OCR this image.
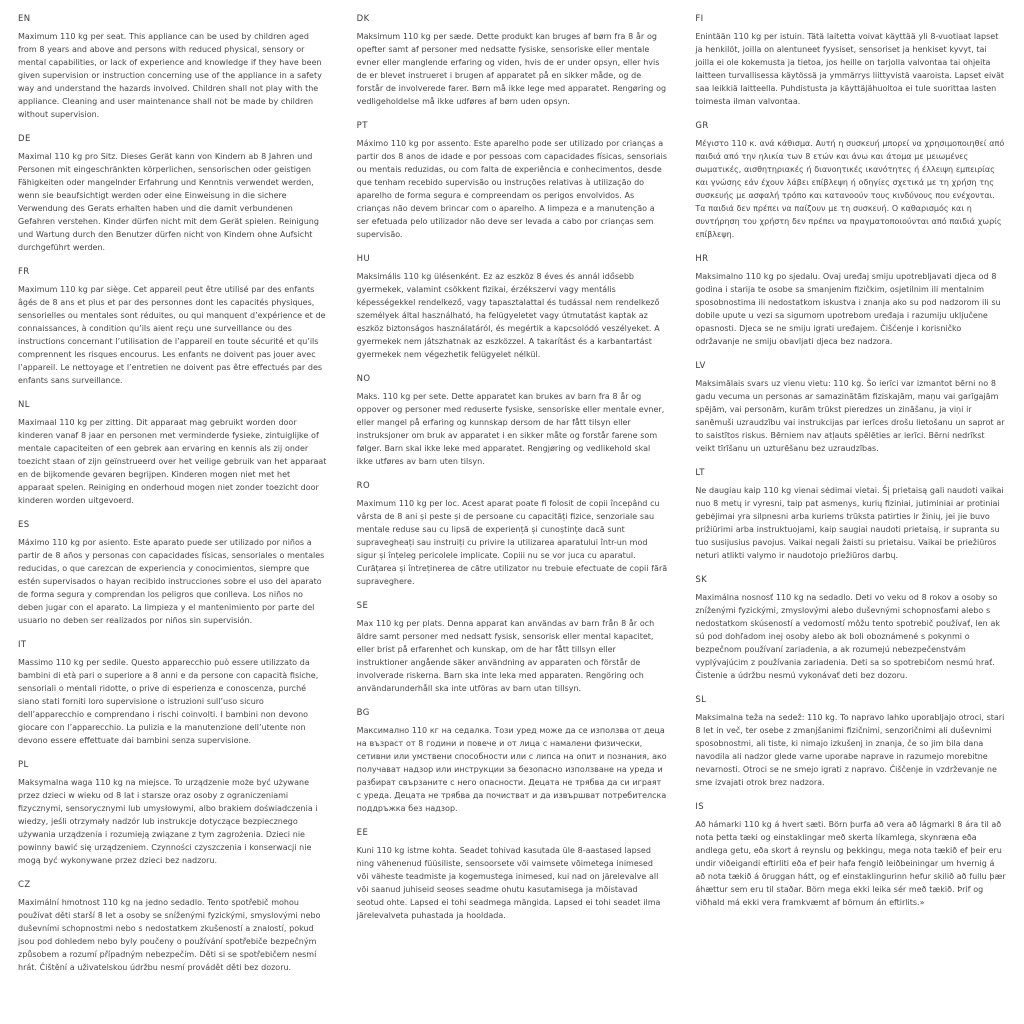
EN

Maximum 110 kg per seat. This appliance can be used by children aged from 8 years and above and persons with reduced physical, sensory or mental capabilities, or lack of experience and knowledge if they have been given supervision or instruction concerning use of the appliance in a safety way and understand the hazards involved. Children shall not play with the appliance. Cleaning and user maintenance shall not be made by children without supervision.

DE

Maximal 110 kg pro Sitz. Dieses Gerät kann von Kindern ab 8 Jahren und Personen mit eingeschränkten körperlichen, sensorischen oder geistigen Fähigkeiten oder mangelnder Erfahrung und Kenntnis verwendet werden, wenn sie beaufsichtigt werden oder eine Einweisung in die sichere Verwendung des Gerats erhalten haben und die damit verbundenen Gefahren verstehen. Kinder dürfen nicht mit dem Gerät spielen. Reinigung und Wartung durch den Benutzer dürfen nicht von Kindern ohne Aufsicht durchgeführt werden.

FR

Maximum 110 kg par siège. Cet appareil peut être utilisé par des enfants âgés de 8 ans et plus et par des personnes dont les capacités physiques, sensorielles ou mentales sont réduites, ou qui manquent d’expérience et de connaissances, à condition qu’ils aient reçu une surveillance ou des instructions concernant l’utilisation de l’appareil en toute sécurité et qu’ils comprennent les risques encourus. Les enfants ne doivent pas jouer avec l’appareil. Le nettoyage et l’entretien ne doivent pas être effectués par des enfants sans surveillance.

NL

Maximaal 110 kg per zitting. Dit apparaat mag gebruikt worden door kinderen vanaf 8 jaar en personen met verminderde fysieke, zintuiglijke of mentale capaciteiten of een gebrek aan ervaring en kennis als zij onder toezicht staan of zijn geïnstrueerd over het veilige gebruik van het apparaat en de bijkomende gevaren begrijpen. Kinderen mogen niet met het apparaat spelen. Reiniging en onderhoud mogen niet zonder toezicht door kinderen worden uitgevoerd.

ES

Máximo 110 kg por asiento. Este aparato puede ser utilizado por niños a partir de 8 años y personas con capacidades físicas, sensoriales o mentales reducidas, o que carezcan de experiencia y conocimientos, siempre que estén supervisados o hayan recibido instrucciones sobre el uso del aparato de forma segura y comprendan los peligros que conlleva. Los niños no deben jugar con el aparato. La limpieza y el mantenimiento por parte del usuario no deben ser realizados por niños sin supervisión.

IT

Massimo 110 kg per sedile. Questo apparecchio può essere utilizzato da bambini di età pari o superiore a 8 anni e da persone con capacità fisiche, sensoriali o mentali ridotte, o prive di esperienza e conoscenza, purché siano stati forniti loro supervisione o istruzioni sull’uso sicuro dell’apparecchio e comprendano i rischi coinvolti. I bambini non devono giocare con l’apparecchio. La pulizia e la manutenzione dell’utente non devono essere effettuate dai bambini senza supervisione.

PL

Maksymalna waga 110 kg na miejsce. To urządzenie może być używane przez dzieci w wieku od 8 lat i starsze oraz osoby z ograniczeniami fizycznymi, sensorycznymi lub umysłowymi, albo brakiem doświadczenia i wiedzy, jeśli otrzymały nadzór lub instrukcje dotyczące bezpiecznego używania urządzenia i rozumieją związane z tym zagrożenia. Dzieci nie powinny bawić się urządzeniem. Czynności czyszczenia i konserwacji nie mogą być wykonywane przez dzieci bez nadzoru.

CZ

Maximální hmotnost 110 kg na jedno sedadlo. Tento spotřebič mohou používat děti starší 8 let a osoby se sníženými fyzickými, smyslovými nebo duševními schopnostmi nebo s nedostatkem zkušeností a znalostí, pokud jsou pod dohledem nebo byly poučeny o používání spotřebiče bezpečným způsobem a rozumí případným nebezpečím. Děti si se spotřebičem nesmí hrát. Čištění a uživatelskou údržbu nesmí provádět děti bez dozoru.

DK

Maksimum 110 kg per sæde. Dette produkt kan bruges af børn fra 8 år og opefter samt af personer med nedsatte fysiske, sensoriske eller mentale evner eller manglende erfaring og viden, hvis de er under opsyn, eller hvis de er blevet instrueret i brugen af apparatet på en sikker måde, og de forstår de involverede farer. Børn må ikke lege med apparatet. Rengøring og vedligeholdelse må ikke udføres af børn uden opsyn.

PT

Máximo 110 kg por assento. Este aparelho pode ser utilizado por crianças a partir dos 8 anos de idade e por pessoas com capacidades físicas, sensoriais ou mentais reduzidas, ou com falta de experiência e conhecimentos, desde que tenham recebido supervisão ou instruções relativas à utilização do aparelho de forma segura e compreendam os perigos envolvidos. As crianças não devem brincar com o aparelho. A limpeza e a manutenção a ser efetuada pelo utilizador não deve ser levada a cabo por crianças sem supervisão.

HU

Maksimális 110 kg ülésenként. Ez az eszköz 8 éves és annál idősebb gyermekek, valamint csökkent fizikai, érzékszervi vagy mentális képességekkel rendelkező, vagy tapasztalattal és tudással nem rendelkező személyek által használható, ha felügyeletet vagy útmutatást kaptak az eszköz biztonságos használatáról, és megértik a kapcsolódó veszélyeket. A gyermekek nem játszhatnak az eszközzel. A takarítást és a karbantartást gyermekek nem végezhetik felügyelet nélkül.

NO

Maks. 110 kg per sete. Dette apparatet kan brukes av barn fra 8 år og oppover og personer med reduserte fysiske, sensoriske eller mentale evner, eller mangel på erfaring og kunnskap dersom de har fått tilsyn eller instruksjoner om bruk av apparatet i en sikker måte og forstår farene som følger. Barn skal ikke leke med apparatet. Rengjøring og vedlikehold skal ikke utføres av barn uten tilsyn.

RO

Maximum 110 kg per loc. Acest aparat poate fi folosit de copii începând cu vârsta de 8 ani și peste și de persoane cu capacități fizice, senzoriale sau mentale reduse sau cu lipsă de experiență și cunoștințe dacă sunt supravegheați sau instruiți cu privire la utilizarea aparatului într-un mod sigur și înțeleg pericolele implicate. Copiii nu se vor juca cu aparatul. Curățarea și întreținerea de către utilizator nu trebuie efectuate de copii fără supraveghere.

SE

Max 110 kg per plats. Denna apparat kan användas av barn från 8 år och äldre samt personer med nedsatt fysisk, sensorisk eller mental kapacitet, eller brist på erfarenhet och kunskap, om de har fått tillsyn eller instruktioner angående säker användning av apparaten och förstår de involverade riskerna. Barn ska inte leka med apparaten. Rengöring och användarunderhåll ska inte utföras av barn utan tillsyn.

BG

Максимално 110 кг на седалка. Този уред може да се използва от деца на възраст от 8 години и повече и от лица с намалени физически, сетивни или умствени способности или с липса на опит и познания, ако получават надзор или инструкции за безопасно използване на уреда и разбират свързаните с него опасности. Децата не трябва да си играят с уреда. Децата не трябва да почистват и да извършват потребителска поддръжка без надзор.

EE

Kuni 110 kg istme kohta. Seadet tohivad kasutada üle 8-aastased lapsed ning vähenenud füüsiliste, sensoorsete või vaimsete võimetega inimesed või väheste teadmiste ja kogemustega inimesed, kui nad on järelevalve all või saanud juhiseid seoses seadme ohutu kasutamisega ja mõistavad seotud ohte. Lapsed ei tohi seadmega mängida. Lapsed ei tohi seadet ilma järelevalveta puhastada ja hooldada.

FI

Enintään 110 kg per istuin. Tätä laitetta voivat käyttää yli 8-vuotiaat lapset ja henkilöt, joilla on alentuneet fyysiset, sensoriset ja henkiset kyvyt, tai joilla ei ole kokemusta ja tietoa, jos heille on tarjolla valvontaa tai ohjeita laitteen turvallisessa käytössä ja ymmärrys liittyvistä vaaroista. Lapset eivät saa leikkiä laitteella. Puhdistusta ja käyttäjähuoltoa ei tule suorittaa lasten toimesta ilman valvontaa.

GR

Μέγιστο 110 κ. ανά κάθισμα. Αυτή η συσκευή μπορεί να χρησιμοποιηθεί από παιδιά από την ηλικία των 8 ετών και άνω και άτομα με μειωμένες σωματικές, αισθητηριακές ή διανοητικές ικανότητες ή έλλειψη εμπειρίας και γνώσης εάν έχουν λάβει επίβλεψη ή οδηγίες σχετικά με τη χρήση της συσκευής με ασφαλή τρόπο και κατανοούν τους κινδύνους που ενέχονται. Τα παιδιά δεν πρέπει να παίζουν με τη συσκευή. Ο καθαρισμός και η συντήρηση του χρήστη δεν πρέπει να πραγματοποιούνται από παιδιά χωρίς επίβλεψη.

HR

Maksimalno 110 kg po sjedalu. Ovaj uređaj smiju upotrebljavati djeca od 8 godina i starija te osobe sa smanjenim fizičkim, osjetilnim ili mentalnim sposobnostima ili nedostatkom iskustva i znanja ako su pod nadzorom ili su dobile upute u vezi sa sigurnom upotrebom uređaja i razumiju uključene opasnosti. Djeca se ne smiju igrati uređajem. Čišćenje i korisničko održavanje ne smiju obavljati djeca bez nadzora.

LV

Maksimālais svars uz vienu vietu: 110 kg. Šo ierīci var izmantot bērni no 8 gadu vecuma un personas ar samazinātām fiziskajām, maņu vai garīgajām spējām, vai personām, kurām trūkst pieredzes un zināšanu, ja viņi ir sanēmuši uzraudzību vai instrukcijas par ierīces drošu lietošanu un saprot ar to saistītos riskus. Bērniem nav atļauts spēlēties ar ierīci. Bērni nedrīkst veikt tīrīšanu un uzturēšanu bez uzraudzības.

LT

Ne daugiau kaip 110 kg vienai sėdimai vietai. Šį prietaisą gali naudoti vaikai nuo 8 metų ir vyresni, taip pat asmenys, kurių fiziniai, jutiminiai ar protiniai gebėjimai yra silpnesni arba kuriems trūksta patirties ir žinių, jei jie buvo prižiūrimi arba instruktuojami, kaip saugiai naudoti prietaisą, ir supranta su tuo susijusius pavojus. Vaikai negali žaisti su prietaisu. Vaikai be priežiūros neturi atlikti valymo ir naudotojo priežiūros darbų.

SK

Maximálna nosnosť 110 kg na sedadlo. Deti vo veku od 8 rokov a osoby so zníženými fyzickými, zmyslovými alebo duševnými schopnosťami alebo s nedostatkom skúseností a vedomostí môžu tento spotrebič používať, len ak sú pod dohľadom inej osoby alebo ak boli oboznámené s pokynmi o bezpečnom používaní zariadenia, a ak rozumejú nebezpečenstvám vyplývajúcim z používania zariadenia. Deti sa so spotrebičom nesmú hrať. Čistenie a údržbu nesmú vykonávať deti bez dozoru.

SL

Maksimalna teža na sedež: 110 kg. To napravo lahko uporabljajo otroci, stari 8 let in več, ter osebe z zmanjšanimi fizičnimi, senzoričnimi ali duševnimi sposobnostmi, ali tiste, ki nimajo izkušenj in znanja, če so jim bila dana navodila ali nadzor glede varne uporabe naprave in razumejo morebitne nevarnosti. Otroci se ne smejo igrati z napravo. Čiščenje in vzdrževanje ne sme izvajati otrok brez nadzora.

IS

Að hámarki 110 kg á hvert sæti. Börn þurfa að vera að lágmarki 8 ára til að nota þetta tæki og einstaklingar með skerta líkamlega, skynræna eða andlega getu, eða skort á reynslu og þekkingu, mega nota tækið ef þeir eru undir viðeigandi eftirliti eða ef þeir hafa fengið leiðbeiningar um hvernig á að nota tækið á öruggan hátt, og ef einstaklingurinn hefur skilið að fullu þær áhættur sem eru til staðar. Börn mega ekki leika sér með tækið. Þrif og viðhald má ekki vera framkvæmt af börnum án eftirlits.»
